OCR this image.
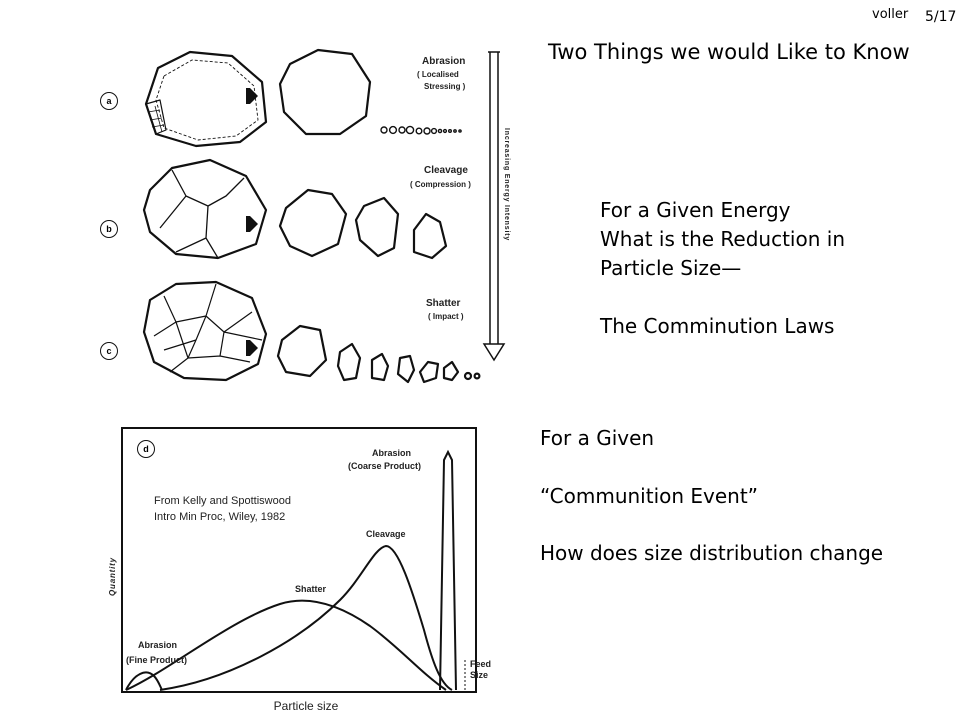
Two Things we would Like to Know
voller 5/17
For a Given Energy
What is the Reduction in
Particle Size—
The Comminution Laws
For a Given
“Communition Event”
How does size distribution change
a
b
c
d
Abrasion
( Localised
Stressing )
Cleavage
( Compression )
Shatter
( Impact )
Increasing Energy Intensity
From Kelly and Spottiswood
Intro Min Proc, Wiley, 1982
Quantity
Particle size
Abrasion
(Coarse Product)
Cleavage
Shatter
Abrasion
(Fine Product)	Feed
Size
